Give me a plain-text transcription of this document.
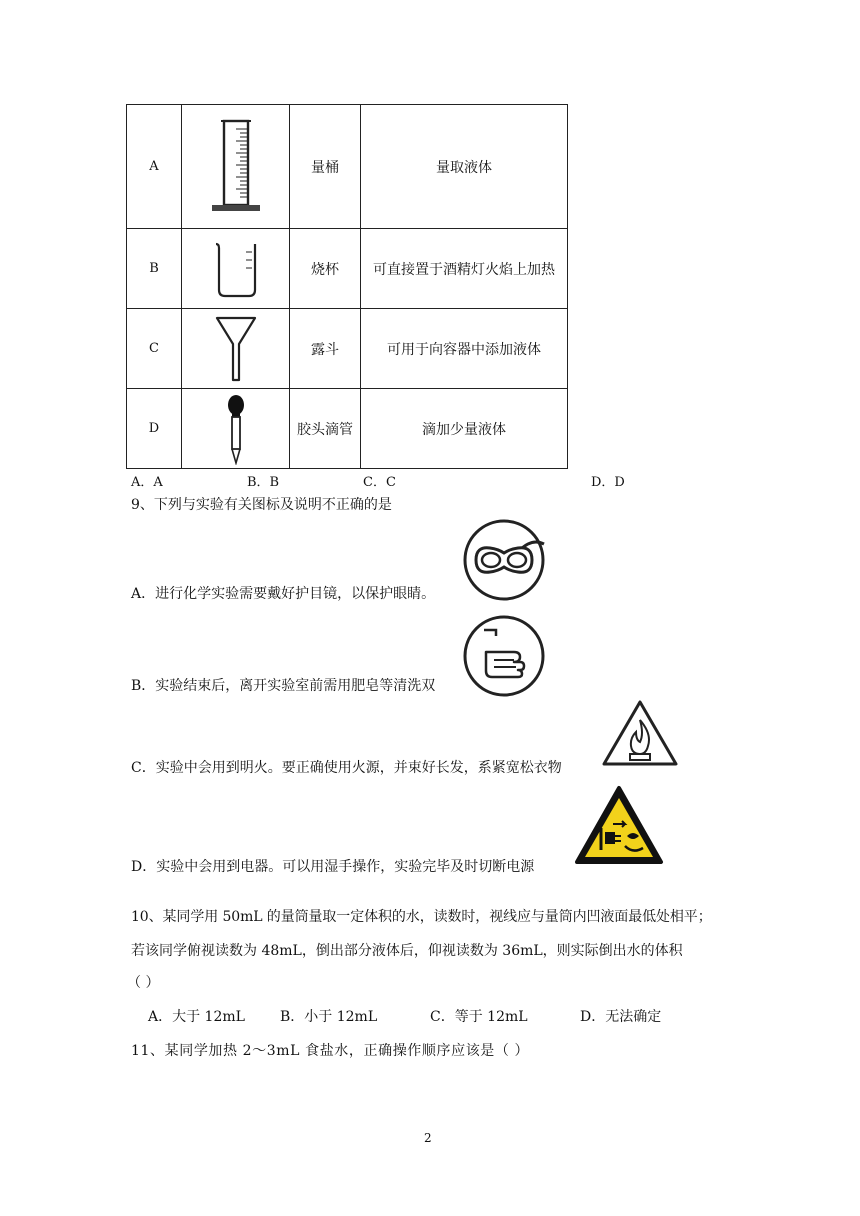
A		量桶	量取液体
B		烧杯	可直接置于酒精灯火焰上加热
C		露斗	可用于向容器中添加液体
D		胶头滴管	滴加少量液体
A．A	B．B	C．C	D．D
9、下列与实验有关图标及说明不正确的是
A．进行化学实验需要戴好护目镜，以保护眼睛。
B．实验结束后，离开实验室前需用肥皂等清洗双
C．实验中会用到明火。要正确使用火源，并束好长发，系紧宽松衣物
D．实验中会用到电器。可以用湿手操作，实验完毕及时切断电源
10、某同学用 50mL 的量筒量取一定体积的水，读数时，视线应与量筒内凹液面最低处相平；
若该同学俯视读数为 48mL，倒出部分液体后，仰视读数为 36mL，则实际倒出水的体积
（ ）
A．大于 12mL	B．小于 12mL	C．等于 12mL	D．无法确定
11、某同学加热 2～3mL 食盐水，正确操作顺序应该是（ ）
2
